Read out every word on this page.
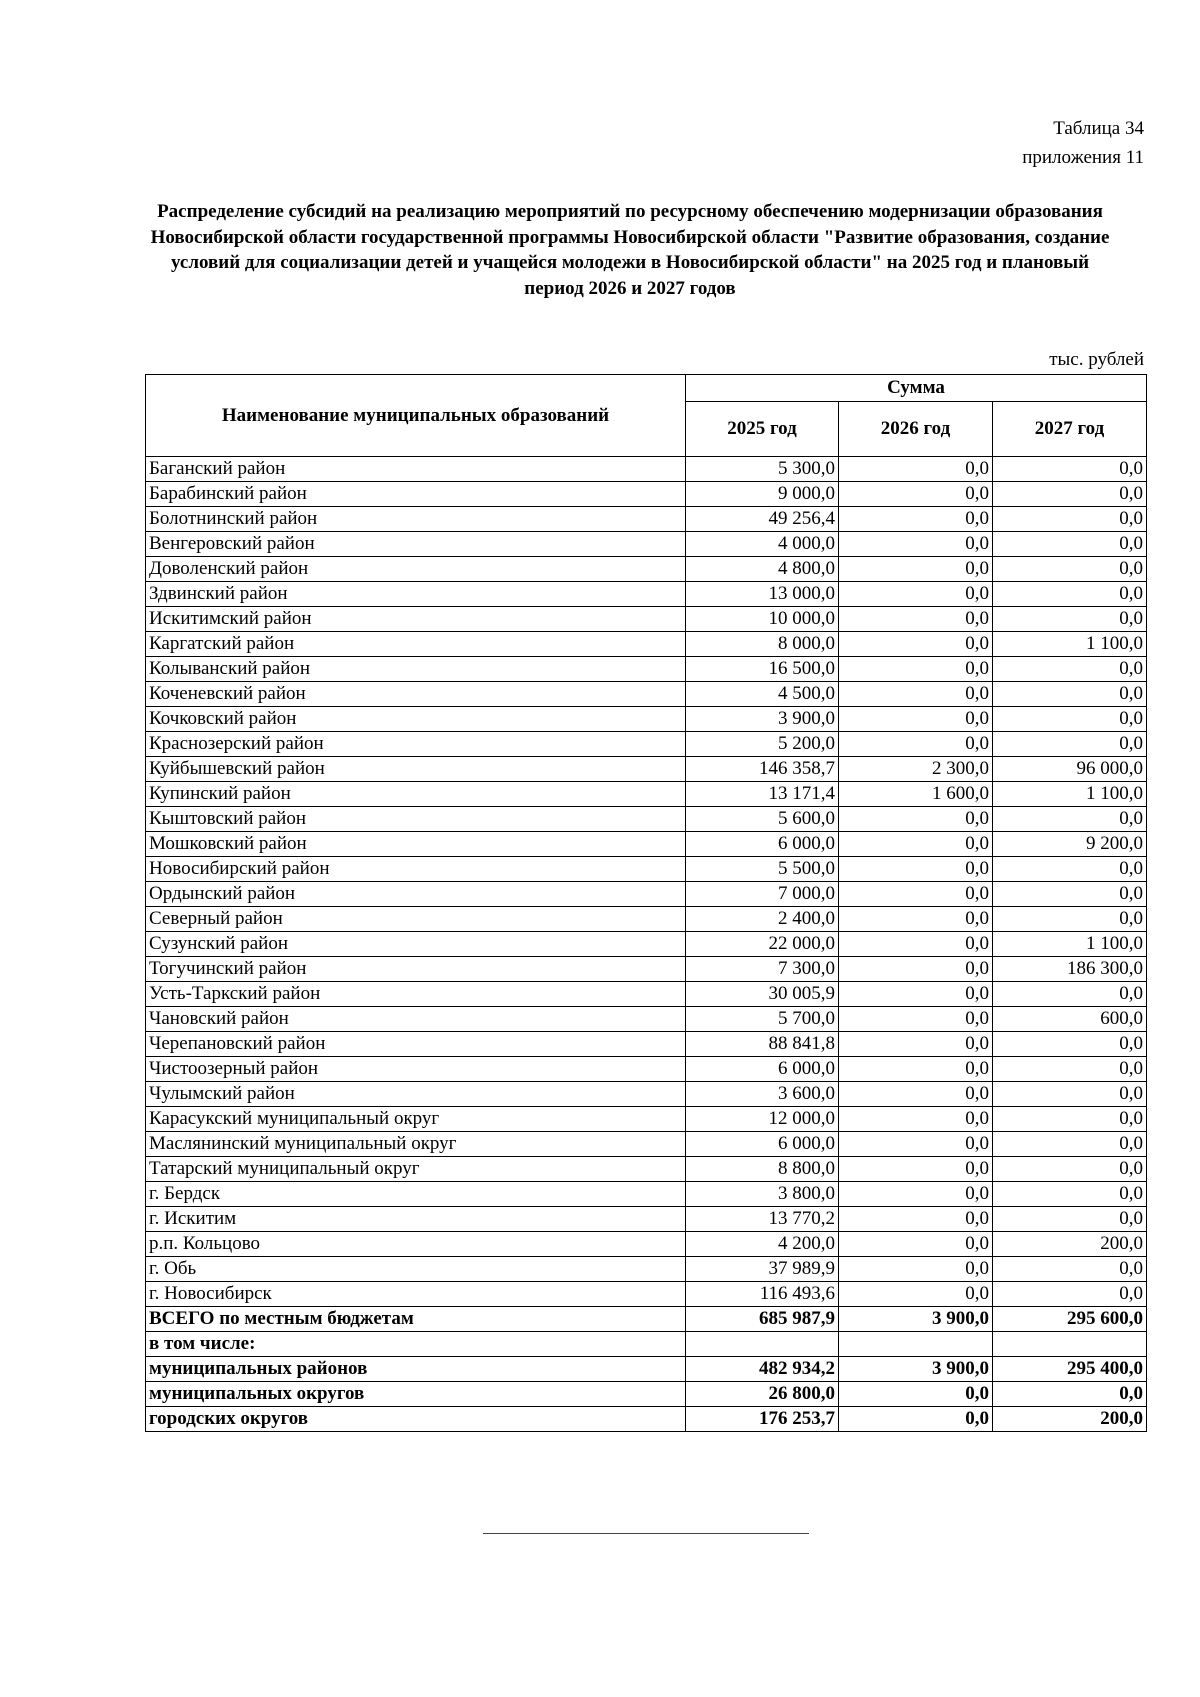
Таблица 34
приложения 11
Распределение субсидий на реализацию мероприятий по ресурсному обеспечению модернизации образования Новосибирской области государственной программы Новосибирской области "Развитие образования, создание условий для социализации детей и учащейся молодежи в Новосибирской области" на 2025 год и плановый период 2026 и 2027 годов
тыс. рублей
Наименование муниципальных образований	Сумма		
	2025 год	2026 год	2027 год
Баганский район	5 300,0	0,0	0,0
Барабинский район	9 000,0	0,0	0,0
Болотнинский район	49 256,4	0,0	0,0
Венгеровский район	4 000,0	0,0	0,0
Доволенский район	4 800,0	0,0	0,0
Здвинский район	13 000,0	0,0	0,0
Искитимский район	10 000,0	0,0	0,0
Каргатский район	8 000,0	0,0	1 100,0
Колыванский район	16 500,0	0,0	0,0
Коченевский район	4 500,0	0,0	0,0
Кочковский район	3 900,0	0,0	0,0
Краснозерский район	5 200,0	0,0	0,0
Куйбышевский район	146 358,7	2 300,0	96 000,0
Купинский район	13 171,4	1 600,0	1 100,0
Кыштовский район	5 600,0	0,0	0,0
Мошковский район	6 000,0	0,0	9 200,0
Новосибирский район	5 500,0	0,0	0,0
Ордынский район	7 000,0	0,0	0,0
Северный район	2 400,0	0,0	0,0
Сузунский район	22 000,0	0,0	1 100,0
Тогучинский район	7 300,0	0,0	186 300,0
Усть-Таркский район	30 005,9	0,0	0,0
Чановский район	5 700,0	0,0	600,0
Черепановский район	88 841,8	0,0	0,0
Чистоозерный район	6 000,0	0,0	0,0
Чулымский район	3 600,0	0,0	0,0
Карасукский муниципальный округ	12 000,0	0,0	0,0
Маслянинский муниципальный округ	6 000,0	0,0	0,0
Татарский муниципальный округ	8 800,0	0,0	0,0
г. Бердск	3 800,0	0,0	0,0
г. Искитим	13 770,2	0,0	0,0
р.п. Кольцово	4 200,0	0,0	200,0
г. Обь	37 989,9	0,0	0,0
г. Новосибирск	116 493,6	0,0	0,0
ВСЕГО по местным бюджетам	685 987,9	3 900,0	295 600,0
в том числе:			
муниципальных районов	482 934,2	3 900,0	295 400,0
муниципальных округов	26 800,0	0,0	0,0
городских округов	176 253,7	0,0	200,0
